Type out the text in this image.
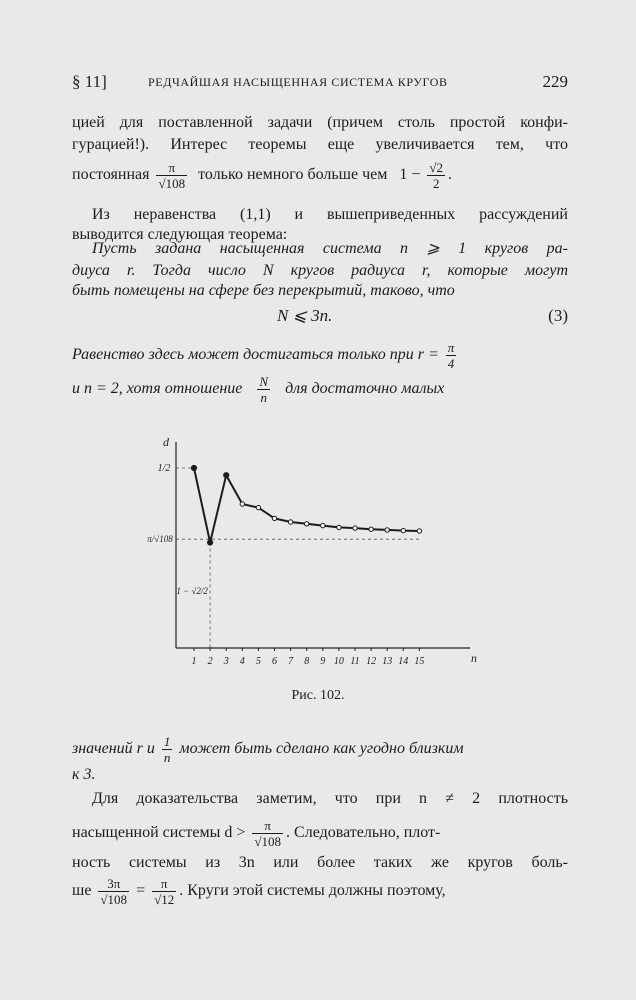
§ 11]	РЕДЧАЙШАЯ НАСЫЩЕННАЯ СИСТЕМА КРУГОВ	229
цией для поставленной задачи (причем столь простой конфи-
гурацией!). Интерес теоремы еще увеличивается тем, что
постоянная $\frac{\pi}{√108}$ только немного больше чем $1 - \frac{√2}{2}$ .
Из неравенства (1,1) и вышеприведенных рассуждений
выводится следующая теорема:
Пусть задана насыщенная система n ⩾ 1 кругов ра-
диуса r. Тогда число N кругов радиуса r, которые могут
быть помещены на сфере без перекрытий, таково, что
N ⩽ 3n.	(3)
Равенство здесь может достигаться только при $r = \frac{\pi}{4}$
и n = 2, хотя отношение $\frac{N}{n}$ для достаточно малых
d
n
1/2
π/√108
1 − √2/2
1 2 3 4 5 6 7 8 9 10 11 12 13 14 15
Рис. 102.
значений r и $\frac{1}{n}$ может быть сделано как угодно близким
к 3.
Для доказательства заметим, что при n ≠ 2 плотность
насыщенной системы $d > \frac{\pi}{√108}$ . Следовательно, плот-
ность системы из 3n или более таких же кругов боль-
ше $\frac{3\pi}{√108} = \frac{\pi}{√12}$ . Круги этой системы должны поэтому,
